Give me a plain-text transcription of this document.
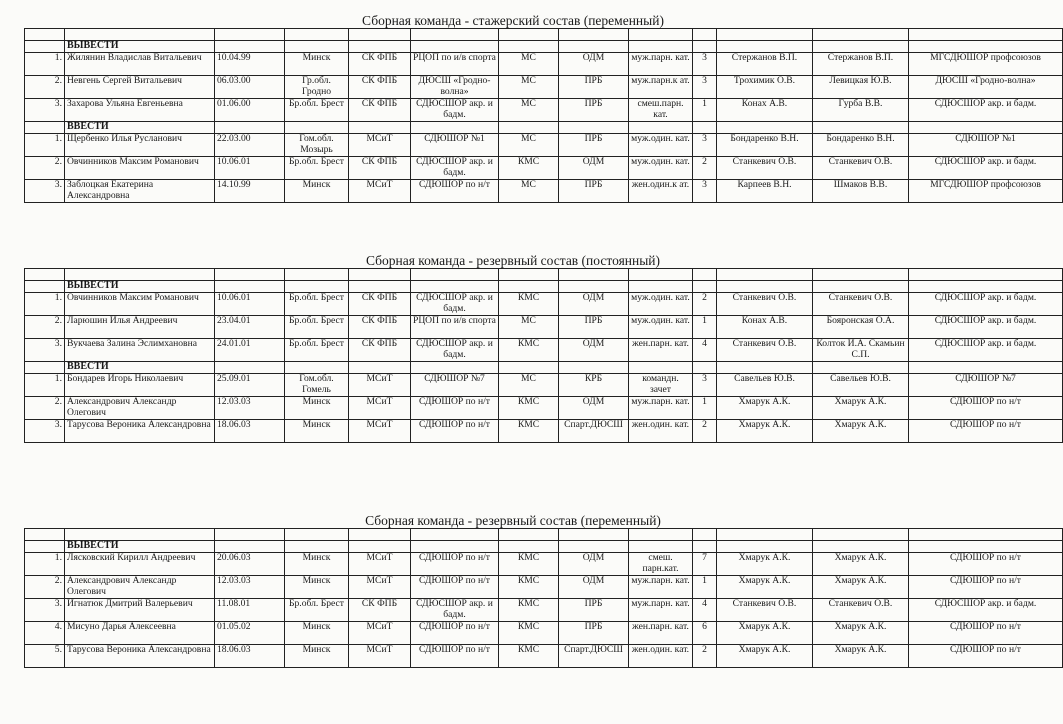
Сборная команда - стажерский состав (переменный)

	ВЫВЕСТИ											
1.	Жилянин Владислав Витальевич	10.04.99	Минск	СК ФПБ	РЦОП по и/в спорта	МС	ОДМ	муж.парн. кат.	3	Стержанов В.П.	Стержанов В.П.	МГСДЮШОР профсоюзов
2.	Невгень Сергей Витальевич	06.03.00	Гр.обл. Гродно	СК ФПБ	ДЮСШ «Гродно-волна»	МС	ПРБ	муж.парн.к ат.	3	Трохимик О.В.	Левицкая Ю.В.	ДЮСШ «Гродно-волна»
3.	Захарова Ульяна Евгеньевна	01.06.00	Бр.обл. Брест	СК ФПБ	СДЮСШОР акр. и бадм.	МС	ПРБ	смеш.парн. кат.	1	Конах А.В.	Гурба В.В.	СДЮСШОР акр. и бадм.
	ВВЕСТИ											
1.	Щербенко Илья Русланович	22.03.00	Гом.обл. Мозырь	МСиТ	СДЮШОР №1	МС	ПРБ	муж.один. кат.	3	Бондаренко В.Н.	Бондаренко В.Н.	СДЮШОР №1
2.	Овчинников Максим Романович	10.06.01	Бр.обл. Брест	СК ФПБ	СДЮСШОР акр. и бадм.	КМС	ОДМ	муж.один. кат.	2	Станкевич О.В.	Станкевич О.В.	СДЮСШОР акр. и бадм.
3.	Заблоцкая Екатерина Александровна	14.10.99	Минск	МСиТ	СДЮШОР по н/т	МС	ПРБ	жен.один.к ат.	3	Карпеев В.Н.	Шмаков В.В.	МГСДЮШОР профсоюзов
Сборная команда - резервный состав (постоянный)

	ВЫВЕСТИ											
1.	Овчинников Максим Романович	10.06.01	Бр.обл. Брест	СК ФПБ	СДЮСШОР акр. и бадм.	КМС	ОДМ	муж.один. кат.	2	Станкевич О.В.	Станкевич О.В.	СДЮСШОР акр. и бадм.
2.	Ларюшин Илья Андреевич	23.04.01	Бр.обл. Брест	СК ФПБ	РЦОП по и/в спорта	МС	ПРБ	муж.один. кат.	1	Конах А.В.	Бояронская О.А.	СДЮСШОР акр. и бадм.
3.	Вукчаева Залина Эслимхановна	24.01.01	Бр.обл. Брест	СК ФПБ	СДЮСШОР акр. и бадм.	КМС	ОДМ	жен.парн. кат.	4	Станкевич О.В.	Колток И.А. Скамьин С.П.	СДЮСШОР акр. и бадм.
	ВВЕСТИ											
1.	Бондарев Игорь Николаевич	25.09.01	Гом.обл. Гомель	МСиТ	СДЮШОР №7	МС	КРБ	командн. зачет	3	Савельев Ю.В.	Савельев Ю.В.	СДЮШОР №7
2.	Александрович Александр Олегович	12.03.03	Минск	МСиТ	СДЮШОР по н/т	КМС	ОДМ	муж.парн. кат.	1	Хмарук А.К.	Хмарук А.К.	СДЮШОР по н/т
3.	Тарусова Вероника Александровна	18.06.03	Минск	МСиТ	СДЮШОР по н/т	КМС	Спарт.ДЮСШ	жен.один. кат.	2	Хмарук А.К.	Хмарук А.К.	СДЮШОР по н/т
Сборная команда - резервный состав (переменный)

	ВЫВЕСТИ											
1.	Лясковский Кирилл Андреевич	20.06.03	Минск	МСиТ	СДЮШОР по н/т	КМС	ОДМ	смеш. парн.кат.	7	Хмарук А.К.	Хмарук А.К.	СДЮШОР по н/т
2.	Александрович Александр Олегович	12.03.03	Минск	МСиТ	СДЮШОР по н/т	КМС	ОДМ	муж.парн. кат.	1	Хмарук А.К.	Хмарук А.К.	СДЮШОР по н/т
3.	Игнатюк Дмитрий Валерьевич	11.08.01	Бр.обл. Брест	СК ФПБ	СДЮСШОР акр. и бадм.	КМС	ПРБ	муж.парн. кат.	4	Станкевич О.В.	Станкевич О.В.	СДЮСШОР акр. и бадм.
4.	Мисуно Дарья Алексеевна	01.05.02	Минск	МСиТ	СДЮШОР по н/т	КМС	ПРБ	жен.парн. кат.	6	Хмарук А.К.	Хмарук А.К.	СДЮШОР по н/т
5.	Тарусова Вероника Александровна	18.06.03	Минск	МСиТ	СДЮШОР по н/т	КМС	Спарт.ДЮСШ	жен.один. кат.	2	Хмарук А.К.	Хмарук А.К.	СДЮШОР по н/т
